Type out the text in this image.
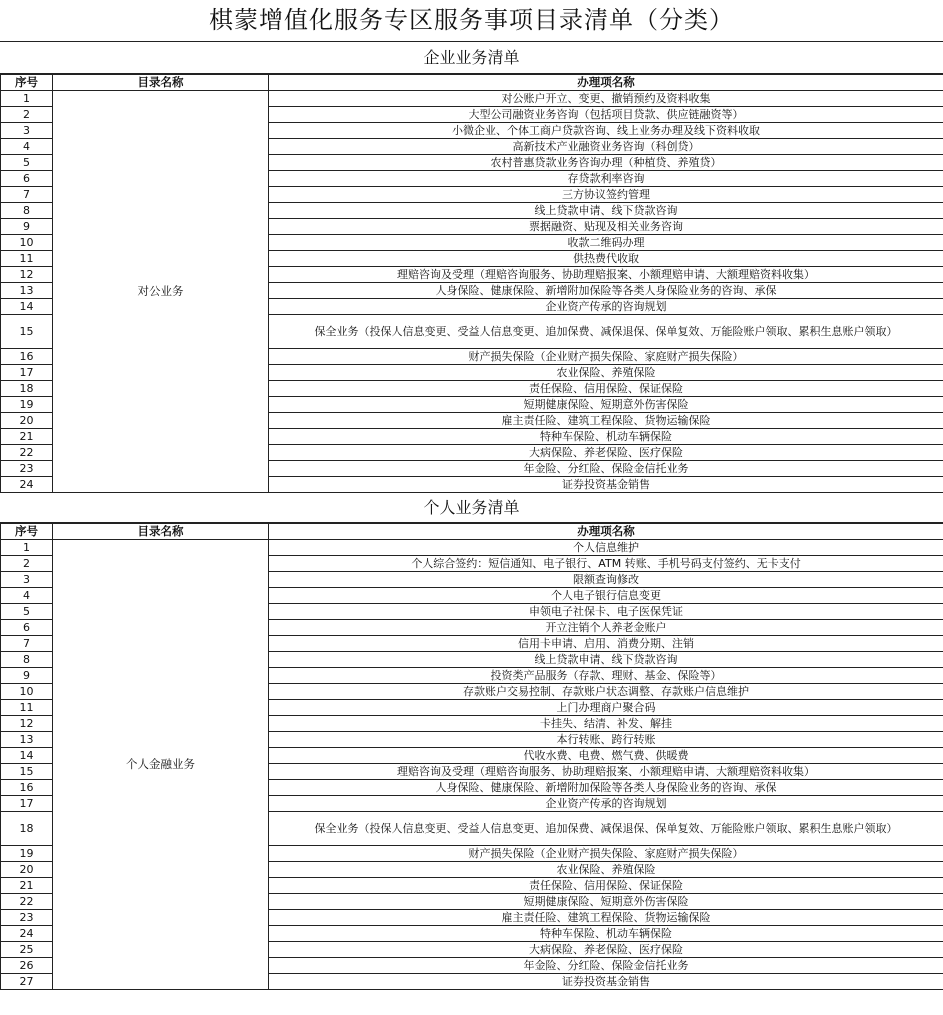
棋蒙增值化服务专区服务事项目录清单（分类）
企业业务清单
序号	目录名称	办理项名称
1	对公业务	对公账户开立、变更、撤销预约及资料收集
2		大型公司融资业务咨询（包括项目贷款、供应链融资等）
3		小微企业、个体工商户贷款咨询、线上业务办理及线下资料收取
4		高新技术产业融资业务咨询（科创贷）
5		农村普惠贷款业务咨询办理（种植贷、养殖贷）
6		存贷款利率咨询
7		三方协议签约管理
8		线上贷款申请、线下贷款咨询
9		票据融资、贴现及相关业务咨询
10		收款二维码办理
11		供热费代收取
12		理赔咨询及受理（理赔咨询服务、协助理赔报案、小额理赔申请、大额理赔资料收集）
13		人身保险、健康保险、新增附加保险等各类人身保险业务的咨询、承保
14		企业资产传承的咨询规划
15		保全业务（投保人信息变更、受益人信息变更、追加保费、减保退保、保单复效、万能险账户领取、累积生息账户领取）
16		财产损失保险（企业财产损失保险、家庭财产损失保险）
17		农业保险、养殖保险
18		责任保险、信用保险、保证保险
19		短期健康保险、短期意外伤害保险
20		雇主责任险、建筑工程保险、货物运输保险
21		特种车保险、机动车辆保险
22		大病保险、养老保险、医疗保险
23		年金险、分红险、保险金信托业务
24		证券投资基金销售
个人业务清单
序号	目录名称	办理项名称
1	个人金融业务	个人信息维护
2		个人综合签约：短信通知、电子银行、ATM 转账、手机号码支付签约、无卡支付
3		限额查询修改
4		个人电子银行信息变更
5		申领电子社保卡、电子医保凭证
6		开立注销个人养老金账户
7		信用卡申请、启用、消费分期、注销
8		线上贷款申请、线下贷款咨询
9		投资类产品服务（存款、理财、基金、保险等）
10		存款账户交易控制、存款账户状态调整、存款账户信息维护
11		上门办理商户聚合码
12		卡挂失、结清、补发、解挂
13		本行转账、跨行转账
14		代收水费、电费、燃气费、供暖费
15		理赔咨询及受理（理赔咨询服务、协助理赔报案、小额理赔申请、大额理赔资料收集）
16		人身保险、健康保险、新增附加保险等各类人身保险业务的咨询、承保
17		企业资产传承的咨询规划
18		保全业务（投保人信息变更、受益人信息变更、追加保费、减保退保、保单复效、万能险账户领取、累积生息账户领取）
19		财产损失保险（企业财产损失保险、家庭财产损失保险）
20		农业保险、养殖保险
21		责任保险、信用保险、保证保险
22		短期健康保险、短期意外伤害保险
23		雇主责任险、建筑工程保险、货物运输保险
24		特种车保险、机动车辆保险
25		大病保险、养老保险、医疗保险
26		年金险、分红险、保险金信托业务
27		证券投资基金销售
